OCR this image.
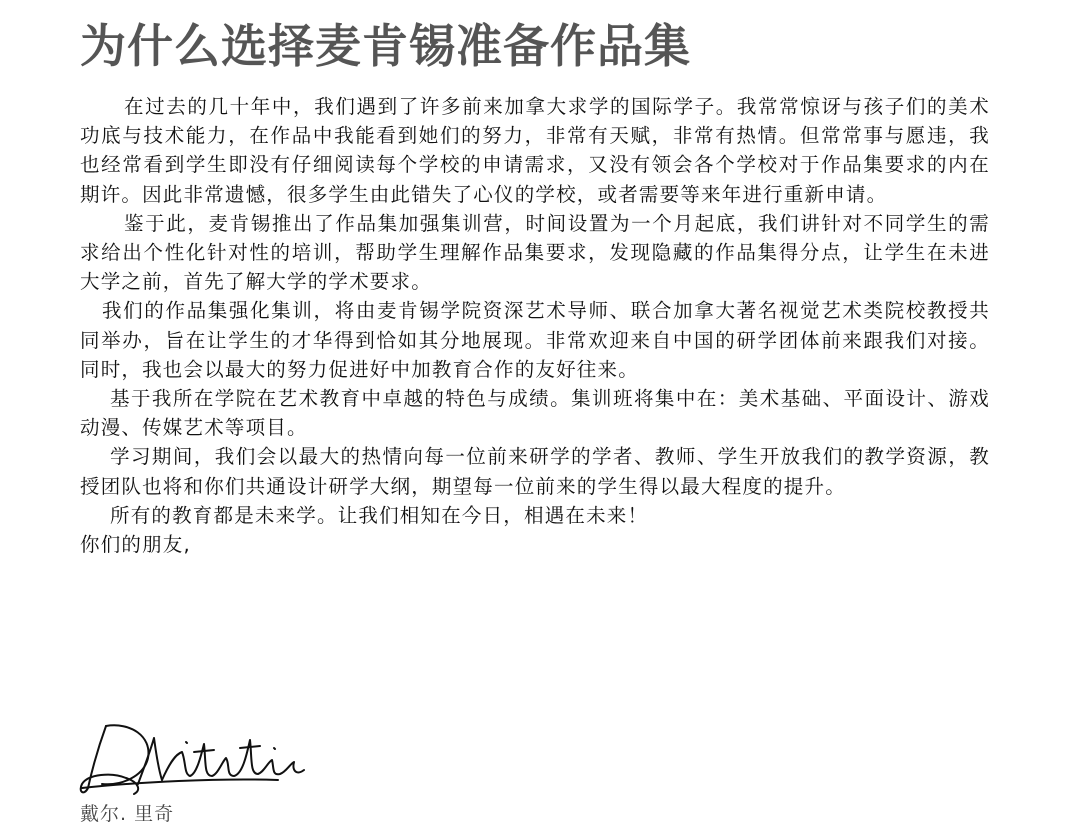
为什么选择麦肯锡准备作品集

在过去的几十年中，我们遇到了许多前来加拿大求学的国际学子。我常常惊讶与孩子们的美术功底与技术能力，在作品中我能看到她们的努力，非常有天赋，非常有热情。但常常事与愿违，我也经常看到学生即没有仔细阅读每个学校的申请需求，又没有领会各个学校对于作品集要求的内在期许。因此非常遗憾，很多学生由此错失了心仪的学校，或者需要等来年进行重新申请。

鉴于此，麦肯锡推出了作品集加强集训营，时间设置为一个月起底，我们讲针对不同学生的需求给出个性化针对性的培训，帮助学生理解作品集要求，发现隐藏的作品集得分点，让学生在未进大学之前，首先了解大学的学术要求。

我们的作品集强化集训，将由麦肯锡学院资深艺术导师、联合加拿大著名视觉艺术类院校教授共同举办，旨在让学生的才华得到恰如其分地展现。非常欢迎来自中国的研学团体前来跟我们对接。同时，我也会以最大的努力促进好中加教育合作的友好往来。

基于我所在学院在艺术教育中卓越的特色与成绩。集训班将集中在：美术基础、平面设计、游戏动漫、传媒艺术等项目。

学习期间，我们会以最大的热情向每一位前来研学的学者、教师、学生开放我们的教学资源，教授团队也将和你们共通设计研学大纲，期望每一位前来的学生得以最大程度的提升。

所有的教育都是未来学。让我们相知在今日，相遇在未来！

你们的朋友,

戴尔. 里奇
